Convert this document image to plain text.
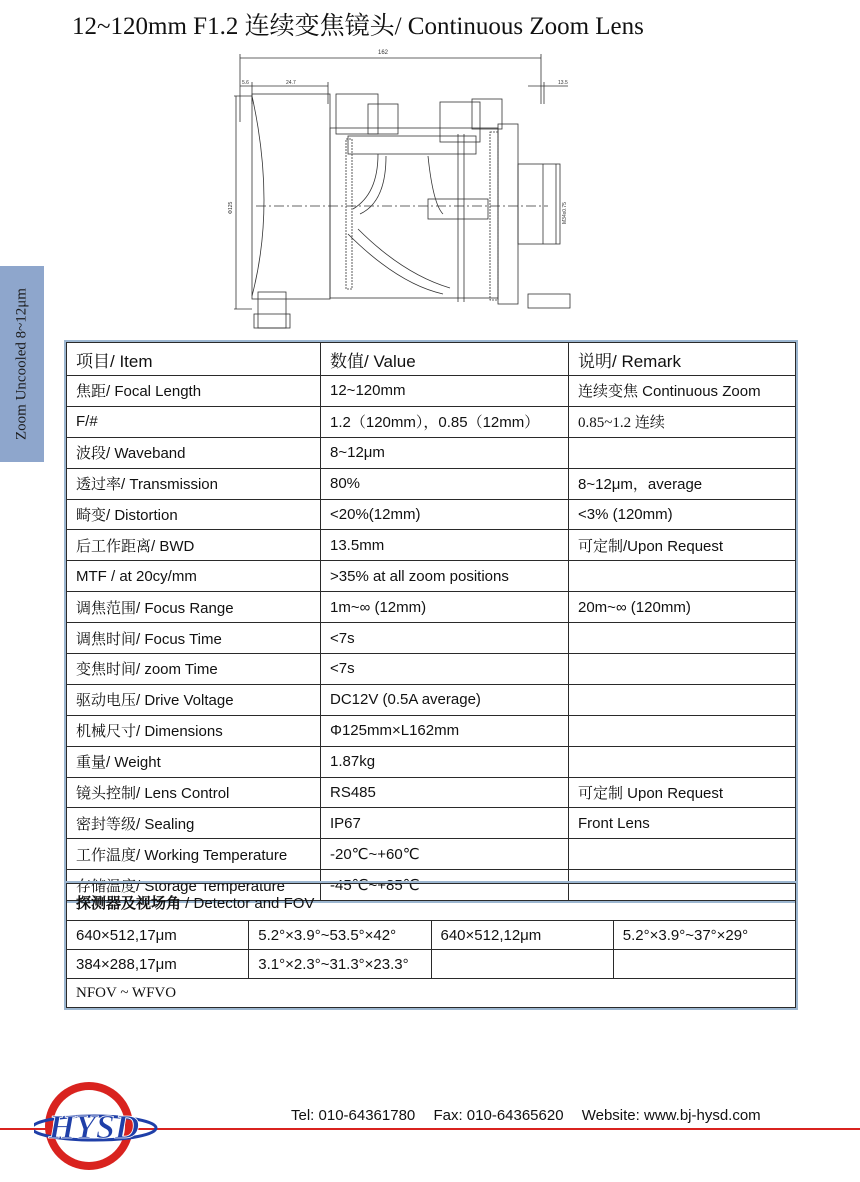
12~120mm F1.2 连续变焦镜头/ Continuous Zoom Lens
Zoom Uncooled 8~12μm
162
5.6	24.7	13.5
Φ125	M34x0.75
项目/ Item	数值/ Value	说明/ Remark
焦距/ Focal Length	12~120mm	连续变焦 Continuous Zoom
F/#	1.2（120mm），0.85（12mm）	0.85~1.2 连续
波段/ Waveband	8~12μm	
透过率/ Transmission	80%	8~12μm，average
畸变/ Distortion	<20%(12mm)	<3% (120mm)
后工作距离/ BWD	13.5mm	可定制/Upon Request
MTF / at 20cy/mm	>35% at all zoom positions	
调焦范围/ Focus Range	1m~∞ (12mm)	20m~∞ (120mm)
调焦时间/ Focus Time	<7s	
变焦时间/ zoom Time	<7s	
驱动电压/ Drive Voltage	DC12V (0.5A average)	
机械尺寸/ Dimensions	Φ125mm×L162mm	
重量/ Weight	1.87kg	
镜头控制/ Lens Control	RS485	可定制 Upon Request
密封等级/ Sealing	IP67	Front Lens
工作温度/ Working Temperature	-20℃~+60℃	
存储温度/ Storage Temperature	-45℃~+85℃	
探测器及视场角 / Detector and FOV			
640×512,17μm	5.2°×3.9°~53.5°×42°	640×512,12μm	5.2°×3.9°~37°×29°
384×288,17μm	3.1°×2.3°~31.3°×23.3°		
NFOV ~ WFVO			
Tel: 010-64361780 Fax: 010-64365620 Website: www.bj-hysd.com
HYSD
